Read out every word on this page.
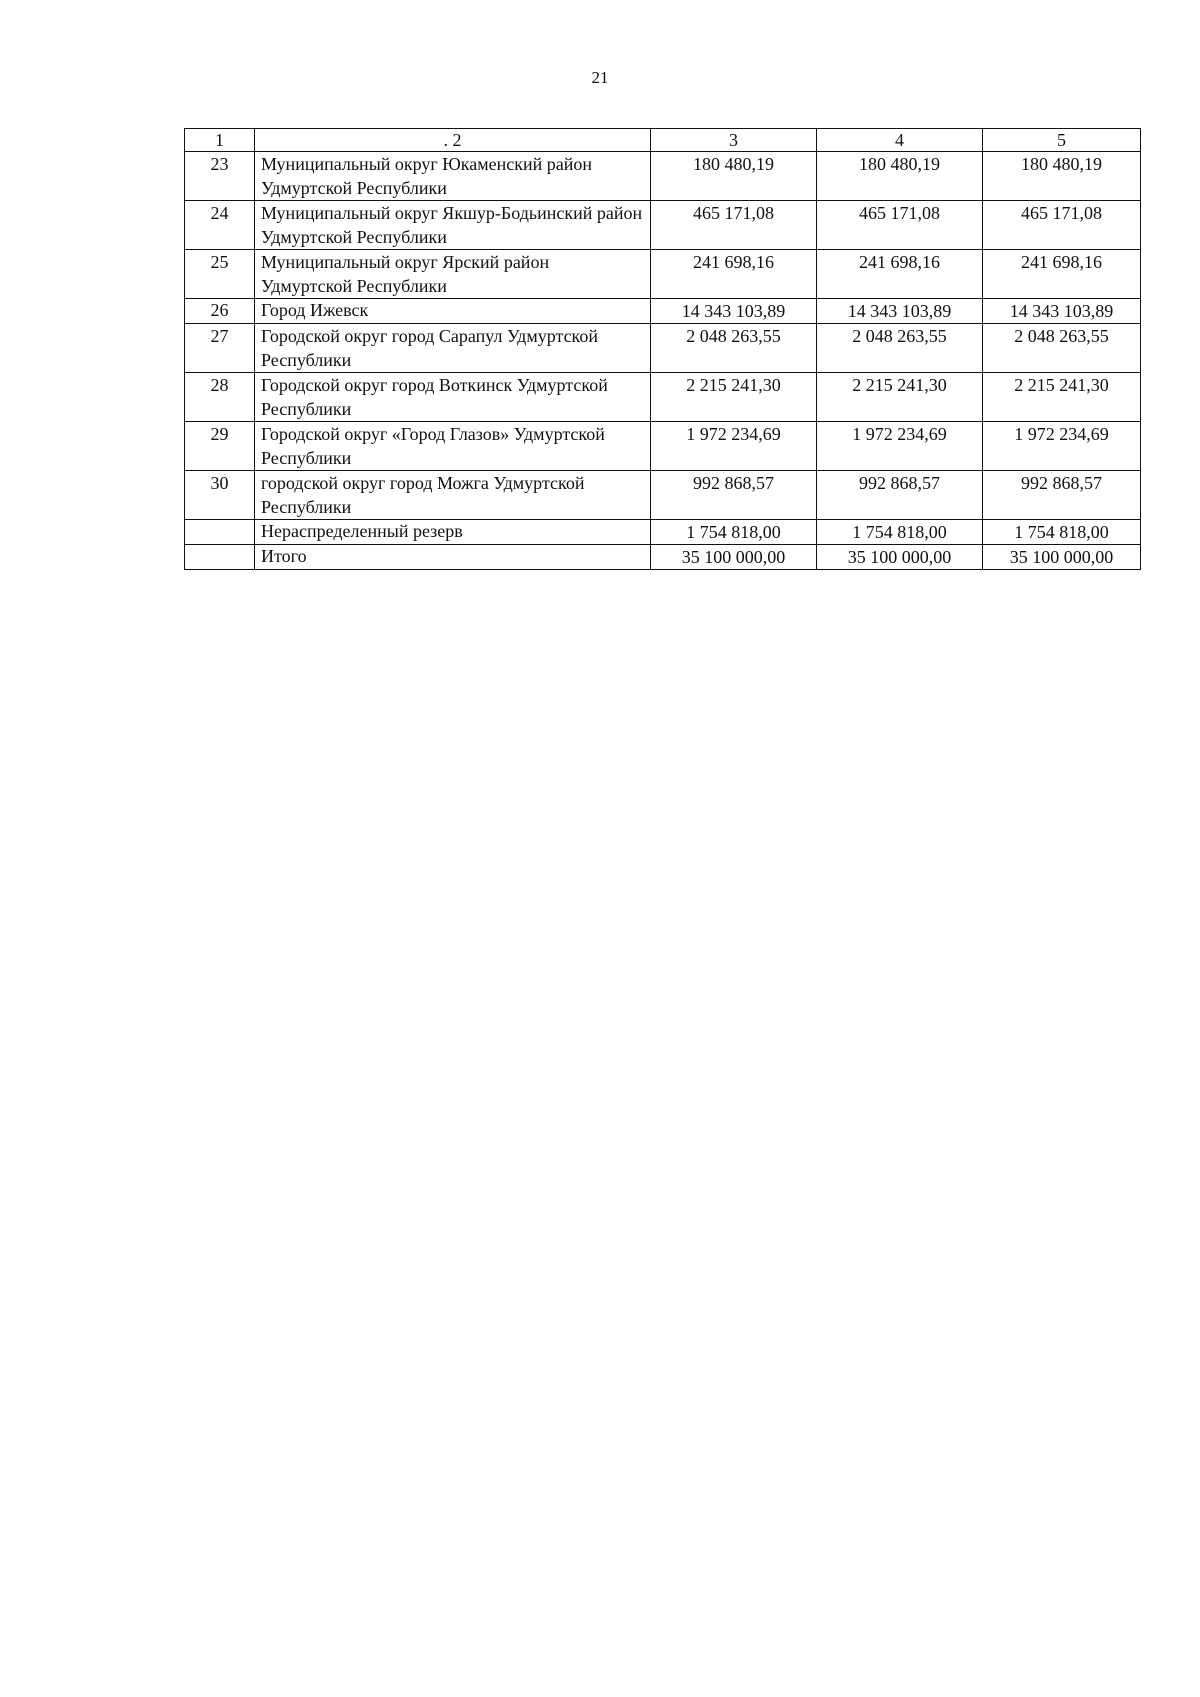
21
1	. 2	3	4	5
23	Муниципальный округ Юкаменский район Удмуртской Республики	180 480,19	180 480,19	180 480,19
24	Муниципальный округ Якшур-Бодьинский район Удмуртской Республики	465 171,08	465 171,08	465 171,08
25	Муниципальный округ Ярский район Удмуртской Республики	241 698,16	241 698,16	241 698,16
26	Город Ижевск	14 343 103,89	14 343 103,89	14 343 103,89
27	Городской округ город Сарапул Удмуртской Республики	2 048 263,55	2 048 263,55	2 048 263,55
28	Городской округ город Воткинск Удмуртской Республики	2 215 241,30	2 215 241,30	2 215 241,30
29	Городской округ «Город Глазов» Удмуртской Республики	1 972 234,69	1 972 234,69	1 972 234,69
30	городской округ город Можга Удмуртской Республики	992 868,57	992 868,57	992 868,57
	Нераспределенный резерв	1 754 818,00	1 754 818,00	1 754 818,00
	Итого	35 100 000,00	35 100 000,00	35 100 000,00
